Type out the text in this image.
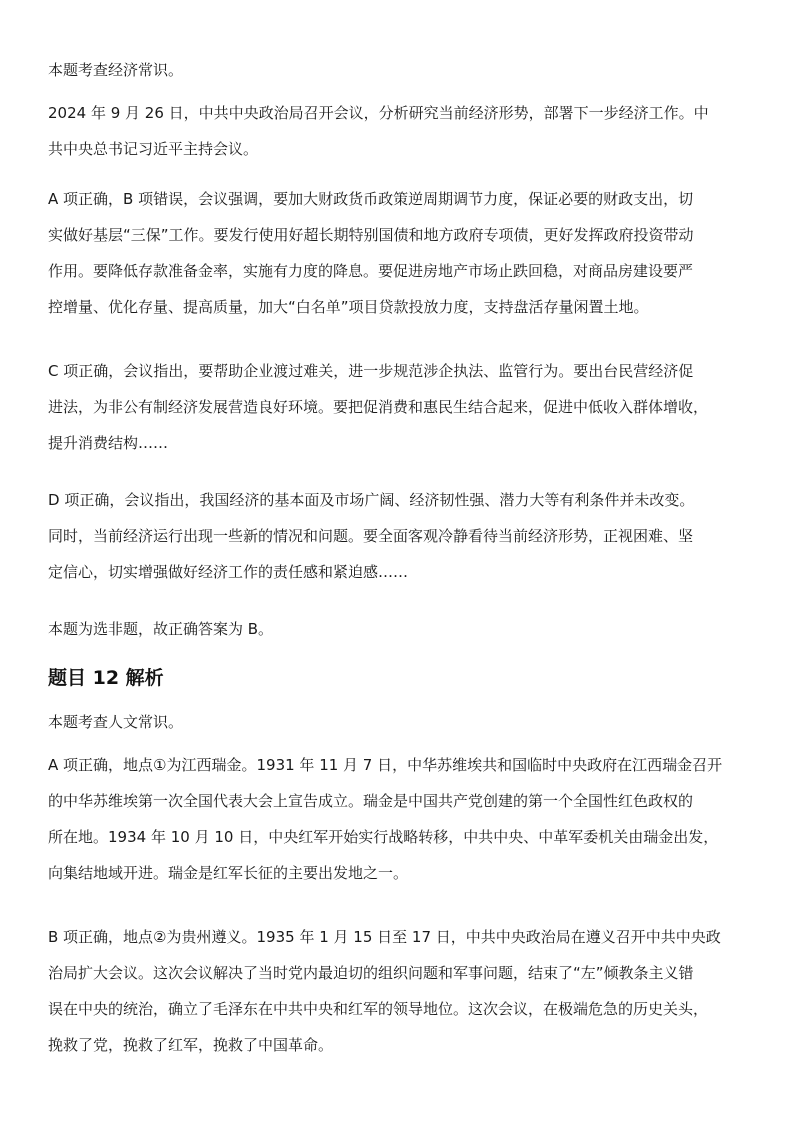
本题考查经济常识。
2024 年 9 月 26 日，中共中央政治局召开会议，分析研究当前经济形势，部署下一步经济工作。中
共中央总书记习近平主持会议。
A 项正确，B 项错误，会议强调，要加大财政货币政策逆周期调节力度，保证必要的财政支出，切
实做好基层“三保”工作。要发行使用好超长期特别国债和地方政府专项债，更好发挥政府投资带动
作用。要降低存款准备金率，实施有力度的降息。要促进房地产市场止跌回稳，对商品房建设要严
控增量、优化存量、提高质量，加大“白名单”项目贷款投放力度，支持盘活存量闲置土地。
C 项正确，会议指出，要帮助企业渡过难关，进一步规范涉企执法、监管行为。要出台民营经济促
进法，为非公有制经济发展营造良好环境。要把促消费和惠民生结合起来，促进中低收入群体增收，
提升消费结构……
D 项正确，会议指出，我国经济的基本面及市场广阔、经济韧性强、潜力大等有利条件并未改变。
同时，当前经济运行出现一些新的情况和问题。要全面客观冷静看待当前经济形势，正视困难、坚
定信心，切实增强做好经济工作的责任感和紧迫感……
本题为选非题，故正确答案为 B。
题目 12 解析
本题考查人文常识。
A 项正确，地点①为江西瑞金。1931 年 11 月 7 日，中华苏维埃共和国临时中央政府在江西瑞金召开
的中华苏维埃第一次全国代表大会上宣告成立。瑞金是中国共产党创建的第一个全国性红色政权的
所在地。1934 年 10 月 10 日，中央红军开始实行战略转移，中共中央、中革军委机关由瑞金出发，
向集结地域开进。瑞金是红军长征的主要出发地之一。
B 项正确，地点②为贵州遵义。1935 年 1 月 15 日至 17 日，中共中央政治局在遵义召开中共中央政
治局扩大会议。这次会议解决了当时党内最迫切的组织问题和军事问题，结束了“左”倾教条主义错
误在中央的统治，确立了毛泽东在中共中央和红军的领导地位。这次会议，在极端危急的历史关头，
挽救了党，挽救了红军，挽救了中国革命。
